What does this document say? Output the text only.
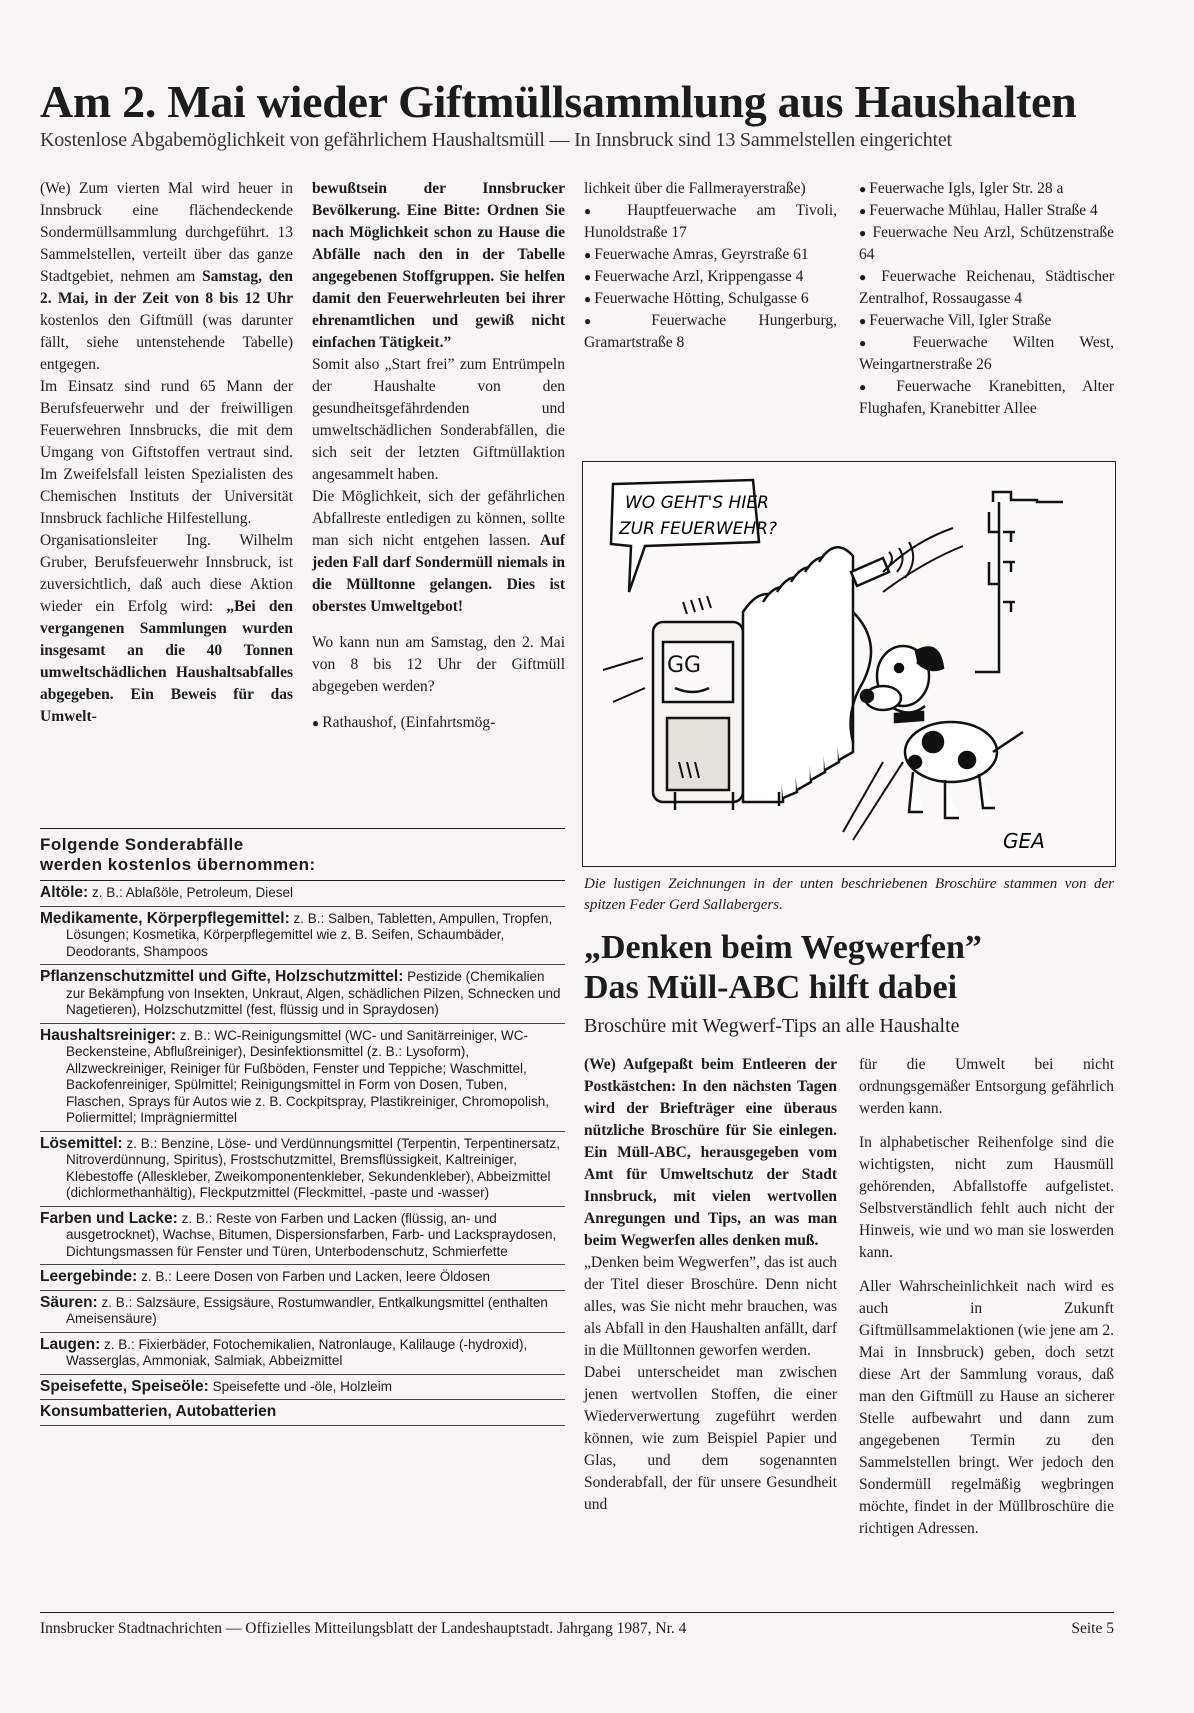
Am 2. Mai wieder Giftmüllsammlung aus Haushalten
Kostenlose Abgabemöglichkeit von gefährlichem Haushaltsmüll — In Innsbruck sind 13 Sammelstellen eingerichtet

(We) Zum vierten Mal wird heuer in Innsbruck eine flächendeckende Sondermüllsammlung durchgeführt. 13 Sammelstellen, verteilt über das ganze Stadtgebiet, nehmen am Samstag, den 2. Mai, in der Zeit von 8 bis 12 Uhr kostenlos den Giftmüll (was darunter fällt, siehe untenstehende Tabelle) entgegen.

Im Einsatz sind rund 65 Mann der Berufsfeuerwehr und der freiwilligen Feuerwehren Innsbrucks, die mit dem Umgang von Giftstoffen vertraut sind. Im Zweifelsfall leisten Spezialisten des Chemischen Instituts der Universität Innsbruck fachliche Hilfestellung.

Organisationsleiter Ing. Wilhelm Gruber, Berufsfeuerwehr Innsbruck, ist zuversichtlich, daß auch diese Aktion wieder ein Erfolg wird: „Bei den vergangenen Sammlungen wurden insgesamt an die 40 Tonnen umweltschädlichen Haushaltsabfalles abgegeben. Ein Beweis für das Umwelt-

bewußtsein der Innsbrucker Bevölkerung. Eine Bitte: Ordnen Sie nach Möglichkeit schon zu Hause die Abfälle nach den in der Tabelle angegebenen Stoffgruppen. Sie helfen damit den Feuerwehrleuten bei ihrer ehrenamtlichen und gewiß nicht einfachen Tätigkeit.”

Somit also „Start frei” zum Entrümpeln der Haushalte von den gesundheitsgefährdenden und umweltschädlichen Sonderabfällen, die sich seit der letzten Giftmüllaktion angesammelt haben.

Die Möglichkeit, sich der gefährlichen Abfallreste entledigen zu können, sollte man sich nicht entgehen lassen. Auf jeden Fall darf Sondermüll niemals in die Mülltonne gelangen. Dies ist oberstes Umweltgebot!

Wo kann nun am Samstag, den 2. Mai von 8 bis 12 Uhr der Giftmüll abgegeben werden?

● Rathaushof, (Einfahrtsmög-

lichkeit über die Fallmerayerstraße)

● Hauptfeuerwache am Tivoli, Hunoldstraße 17

● Feuerwache Amras, Geyrstraße 61

● Feuerwache Arzl, Krippengasse 4

● Feuerwache Hötting, Schulgasse 6

● Feuerwache Hungerburg, Gramartstraße 8

● Feuerwache Igls, Igler Str. 28 a

● Feuerwache Mühlau, Haller Straße 4

● Feuerwache Neu Arzl, Schützenstraße 64

● Feuerwache Reichenau, Städtischer Zentralhof, Rossaugasse 4

● Feuerwache Vill, Igler Straße

● Feuerwache Wilten West, Weingartnerstraße 26

● Feuerwache Kranebitten, Alter Flughafen, Kranebitter Allee

Folgende Sonderabfälle
werden kostenlos übernommen:
Altöle: z. B.: Ablaßöle, Petroleum, Diesel
Medikamente, Körperpflegemittel: z. B.: Salben, Tabletten, Ampullen, Tropfen, Lösungen; Kosmetika, Körperpflegemittel wie z. B. Seifen, Schaumbäder, Deodorants, Shampoos
Pflanzenschutzmittel und Gifte, Holzschutzmittel: Pestizide (Chemikalien zur Bekämpfung von Insekten, Unkraut, Algen, schädlichen Pilzen, Schnecken und Nagetieren), Holzschutzmittel (fest, flüssig und in Spraydosen)
Haushaltsreiniger: z. B.: WC-Reinigungsmittel (WC- und Sanitärreiniger, WC-Beckensteine, Abflußreiniger), Desinfektionsmittel (z. B.: Lysoform), Allzweckreiniger, Reiniger für Fußböden, Fenster und Teppiche; Waschmittel, Backofenreiniger, Spülmittel; Reinigungsmittel in Form von Dosen, Tuben, Flaschen, Sprays für Autos wie z. B. Cockpitspray, Plastikreiniger, Chromopolish, Poliermittel; Imprägniermittel
Lösemittel: z. B.: Benzine, Löse- und Verdünnungsmittel (Terpentin, Terpentinersatz, Nitroverdünnung, Spiritus), Frostschutzmittel, Bremsflüssigkeit, Kaltreiniger, Klebestoffe (Alleskleber, Zweikomponentenkleber, Sekundenkleber), Abbeizmittel (dichlormethanhältig), Fleckputzmittel (Fleckmittel, -paste und -wasser)
Farben und Lacke: z. B.: Reste von Farben und Lacken (flüssig, an- und ausgetrocknet), Wachse, Bitumen, Dispersionsfarben, Farb- und Lackspraydosen, Dichtungsmassen für Fenster und Türen, Unterbodenschutz, Schmierfette
Leergebinde: z. B.: Leere Dosen von Farben und Lacken, leere Öldosen
Säuren: z. B.: Salzsäure, Essigsäure, Rostumwandler, Entkalkungsmittel (enthalten Ameisensäure)
Laugen: z. B.: Fixierbäder, Fotochemikalien, Natronlauge, Kalilauge (-hydroxid), Wasserglas, Ammoniak, Salmiak, Abbeizmittel
Speisefette, Speiseöle: Speisefette und -öle, Holzleim
Konsumbatterien, Autobatterien
WO GEHT'S HIER
ZUR FEUERWEHR?
GG
GEA
Die lustigen Zeichnungen in der unten beschriebenen Broschüre stammen von der spitzen Feder Gerd Sallabergers.
„Denken beim Wegwerfen”
Das Müll-ABC hilft dabei
Broschüre mit Wegwerf-Tips an alle Haushalte

(We) Aufgepaßt beim Entleeren der Postkästchen: In den nächsten Tagen wird der Briefträger eine überaus nützliche Broschüre für Sie einlegen. Ein Müll-ABC, herausgegeben vom Amt für Umweltschutz der Stadt Innsbruck, mit vielen wertvollen Anregungen und Tips, an was man beim Wegwerfen alles denken muß.

„Denken beim Wegwerfen”, das ist auch der Titel dieser Broschüre. Denn nicht alles, was Sie nicht mehr brauchen, was als Abfall in den Haushalten anfällt, darf in die Mülltonnen geworfen werden.

Dabei unterscheidet man zwischen jenen wertvollen Stoffen, die einer Wiederverwertung zugeführt werden können, wie zum Beispiel Papier und Glas, und dem sogenannten Sonderabfall, der für unsere Gesundheit und

für die Umwelt bei nicht ordnungsgemäßer Entsorgung gefährlich werden kann.

In alphabetischer Reihenfolge sind die wichtigsten, nicht zum Hausmüll gehörenden, Abfallstoffe aufgelistet. Selbstverständlich fehlt auch nicht der Hinweis, wie und wo man sie loswerden kann.

Aller Wahrscheinlichkeit nach wird es auch in Zukunft Giftmüllsammelaktionen (wie jene am 2. Mai in Innsbruck) geben, doch setzt diese Art der Sammlung voraus, daß man den Giftmüll zu Hause an sicherer Stelle aufbewahrt und dann zum angegebenen Termin zu den Sammelstellen bringt. Wer jedoch den Sondermüll regelmäßig wegbringen möchte, findet in der Müllbroschüre die richtigen Adressen.

Innsbrucker Stadtnachrichten — Offizielles Mitteilungsblatt der Landeshauptstadt. Jahrgang 1987, Nr. 4	Seite 5
